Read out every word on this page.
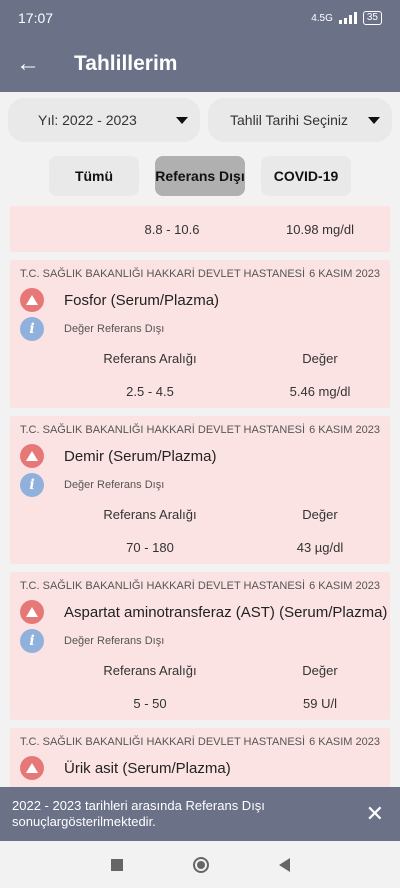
17:07	4.5G	35
←	Tahlillerim
Yıl: 2022 - 2023	Tahlil Tarihi Seçiniz
Tümü	Referans Dışı	COVID-19
8.8 - 10.6	10.98 mg/dl
T.C. SAĞLIK BAKANLIĞI HAKKARİ DEVLET HASTANESİ 6 KASIM 2023
Fosfor (Serum/Plazma)
i	Değer Referans Dışı
Referans Aralığı	Değer
2.5 - 4.5	5.46 mg/dl
T.C. SAĞLIK BAKANLIĞI HAKKARİ DEVLET HASTANESİ 6 KASIM 2023
Demir (Serum/Plazma)
i	Değer Referans Dışı
Referans Aralığı	Değer
70 - 180	43 µg/dl
T.C. SAĞLIK BAKANLIĞI HAKKARİ DEVLET HASTANESİ 6 KASIM 2023
Aspartat aminotransferaz (AST) (Serum/Plazma)
i	Değer Referans Dışı
Referans Aralığı	Değer
5 - 50	59 U/l
T.C. SAĞLIK BAKANLIĞI HAKKARİ DEVLET HASTANESİ 6 KASIM 2023
Ürik asit (Serum/Plazma)
2022 - 2023 tarihleri arasında Referans Dışı
sonuçlargösterilmektedir.	✕
